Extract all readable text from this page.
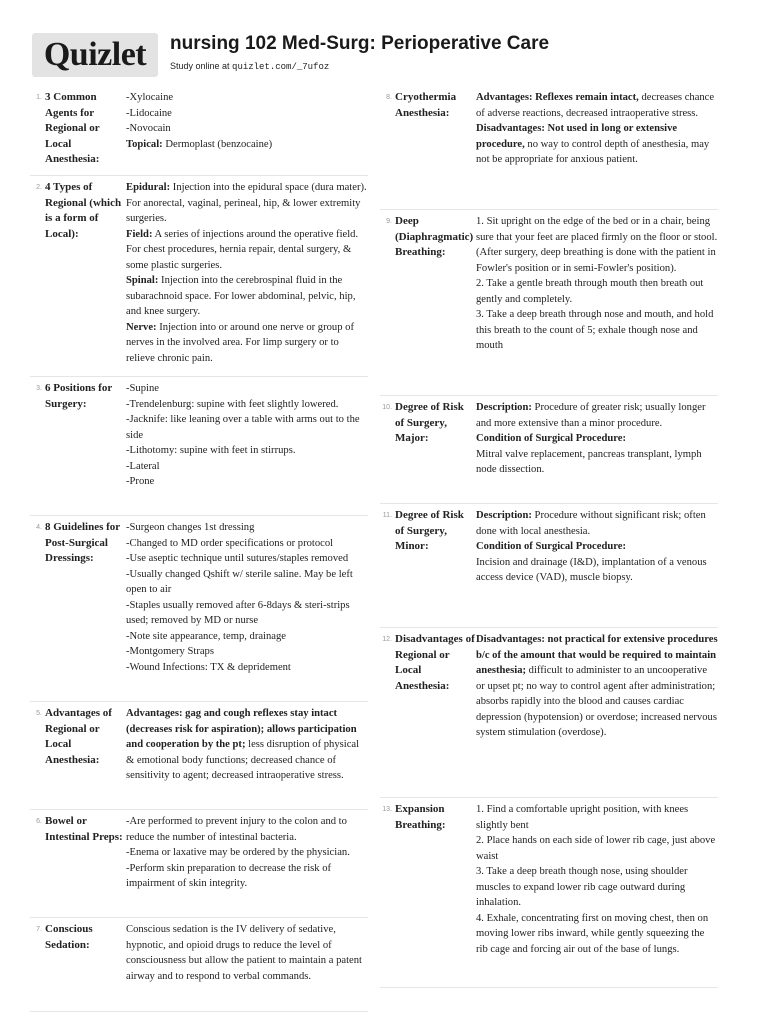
Quizlet	nursing 102 Med-Surg: Perioperative Care
Study online at quizlet.com/_7ufoz
1. 3 Common Agents for Regional or Local Anesthesia:
-Xylocaine
-Lidocaine
-Novocain
Topical: Dermoplast (benzocaine)
2. 4 Types of Regional (which is a form of Local):
Epidural: Injection into the epidural space (dura mater). For anorectal, vaginal, perineal, hip, & lower extremity surgeries.
Field: A series of injections around the operative field. For chest procedures, hernia repair, dental surgery, & some plastic surgeries.
Spinal: Injection into the cerebrospinal fluid in the subarachnoid space. For lower abdominal, pelvic, hip, and knee surgery.
Nerve: Injection into or around one nerve or group of nerves in the involved area. For limp surgery or to relieve chronic pain.
3. 6 Positions for Surgery:
-Supine
-Trendelenburg: supine with feet slightly lowered.
-Jacknife: like leaning over a table with arms out to the side
-Lithotomy: supine with feet in stirrups.
-Lateral
-Prone
4. 8 Guidelines for Post-Surgical Dressings:
-Surgeon changes 1st dressing
-Changed to MD order specifications or protocol
-Use aseptic technique until sutures/staples removed
-Usually changed Qshift w/ sterile saline. May be left open to air
-Staples usually removed after 6-8days & steri-strips used; removed by MD or nurse
-Note site appearance, temp, drainage
-Montgomery Straps
-Wound Infections: TX & depridement
5. Advantages of Regional or Local Anesthesia:
Advantages: gag and cough reflexes stay intact (decreases risk for aspiration); allows participation and cooperation by the pt; less disruption of physical & emotional body functions; decreased chance of sensitivity to agent; decreased intraoperative stress.
6. Bowel or Intestinal Preps:
-Are performed to prevent injury to the colon and to reduce the number of intestinal bacteria.
-Enema or laxative may be ordered by the physician.
-Perform skin preparation to decrease the risk of impairment of skin integrity.
7. Conscious Sedation:
Conscious sedation is the IV delivery of sedative, hypnotic, and opioid drugs to reduce the level of consciousness but allow the patient to maintain a patent airway and to respond to verbal commands.
8. Cryothermia Anesthesia:
Advantages: Reflexes remain intact, decreases chance of adverse reactions, decreased intraoperative stress.
Disadvantages: Not used in long or extensive procedure, no way to control depth of anesthesia, may not be appropriate for anxious patient.
9. Deep (Diaphragmatic) Breathing:
1. Sit upright on the edge of the bed or in a chair, being sure that your feet are placed firmly on the floor or stool. (After surgery, deep breathing is done with the patient in Fowler's position or in semi-Fowler's position).
2. Take a gentle breath through mouth then breath out gently and completely.
3. Take a deep breath through nose and mouth, and hold this breath to the count of 5; exhale though nose and mouth
10. Degree of Risk of Surgery, Major:
Description: Procedure of greater risk; usually longer and more extensive than a minor procedure.
Condition of Surgical Procedure:
Mitral valve replacement, pancreas transplant, lymph node dissection.
11. Degree of Risk of Surgery, Minor:
Description: Procedure without significant risk; often done with local anesthesia.
Condition of Surgical Procedure:
Incision and drainage (I&D), implantation of a venous access device (VAD), muscle biopsy.
12. Disadvantages of Regional or Local Anesthesia:
Disadvantages: not practical for extensive procedures b/c of the amount that would be required to maintain anesthesia; difficult to administer to an uncooperative or upset pt; no way to control agent after administration; absorbs rapidly into the blood and causes cardiac depression (hypotension) or overdose; increased nervous system stimulation (overdose).
13. Expansion Breathing:
1. Find a comfortable upright position, with knees slightly bent
2. Place hands on each side of lower rib cage, just above waist
3. Take a deep breath though nose, using shoulder muscles to expand lower rib cage outward during inhalation.
4. Exhale, concentrating first on moving chest, then on moving lower ribs inward, while gently squeezing the rib cage and forcing air out of the base of lungs.
